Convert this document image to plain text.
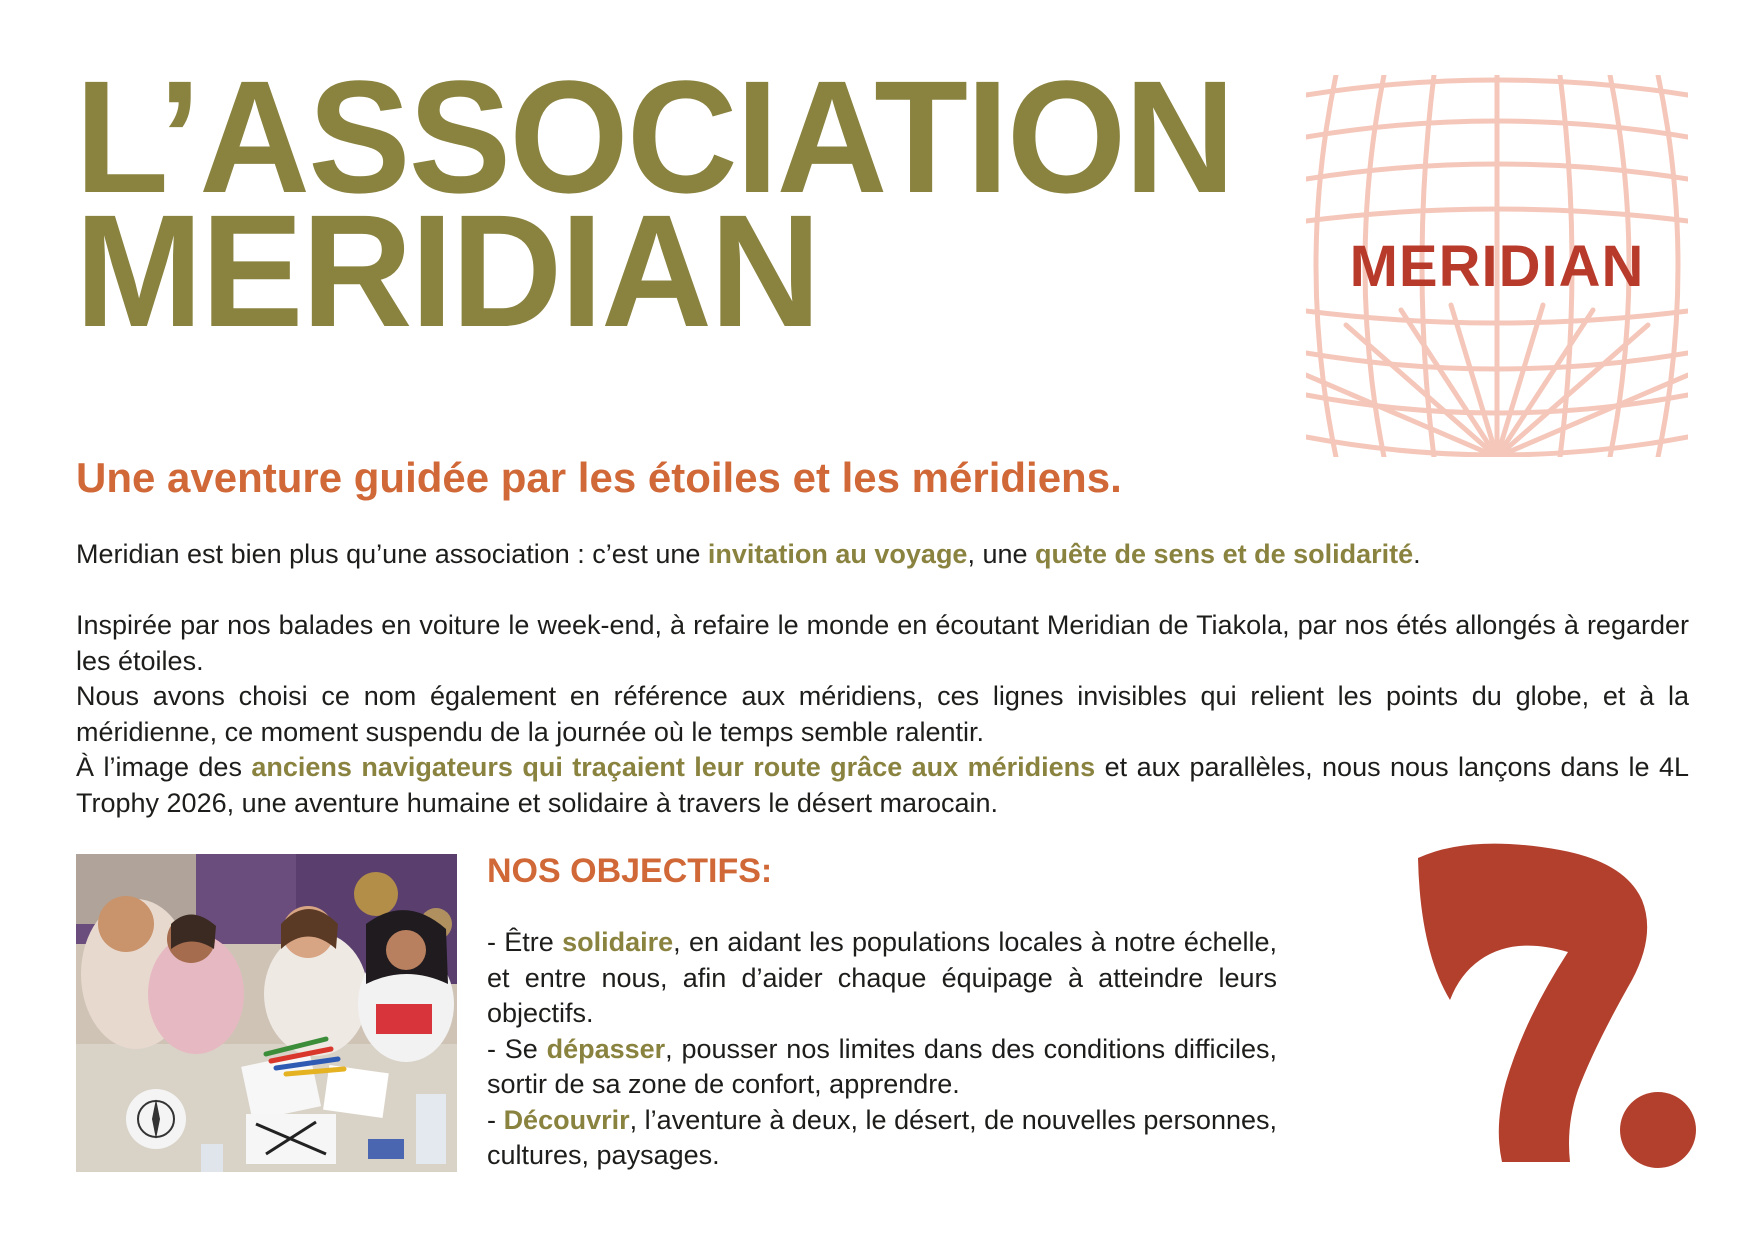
L’ASSOCIATION
MERIDIAN	MERIDIAN
Une aventure guidée par les étoiles et les méridiens.

Meridian est bien plus qu’une association : c’est une invitation au voyage, une quête de sens et de solidarité.

Inspirée par nos balades en voiture le week-end, à refaire le monde en écoutant Meridian de Tiakola, par nos étés allongés à regarder les étoiles.

Nous avons choisi ce nom également en référence aux méridiens, ces lignes invisibles qui relient les points du globe, et à la méridienne, ce moment suspendu de la journée où le temps semble ralentir.

À l’image des anciens navigateurs qui traçaient leur route grâce aux méridiens et aux parallèles, nous nous lançons dans le 4L Trophy 2026, une aventure humaine et solidaire à travers le désert marocain.

NOS OBJECTIFS:

- Être solidaire, en aidant les populations locales à notre échelle, et entre nous, afin d’aider chaque équipage à atteindre leurs objectifs.

- Se dépasser, pousser nos limites dans des conditions difficiles, sortir de sa zone de confort, apprendre.

- Découvrir, l’aventure à deux, le désert, de nouvelles personnes, cultures, paysages.
